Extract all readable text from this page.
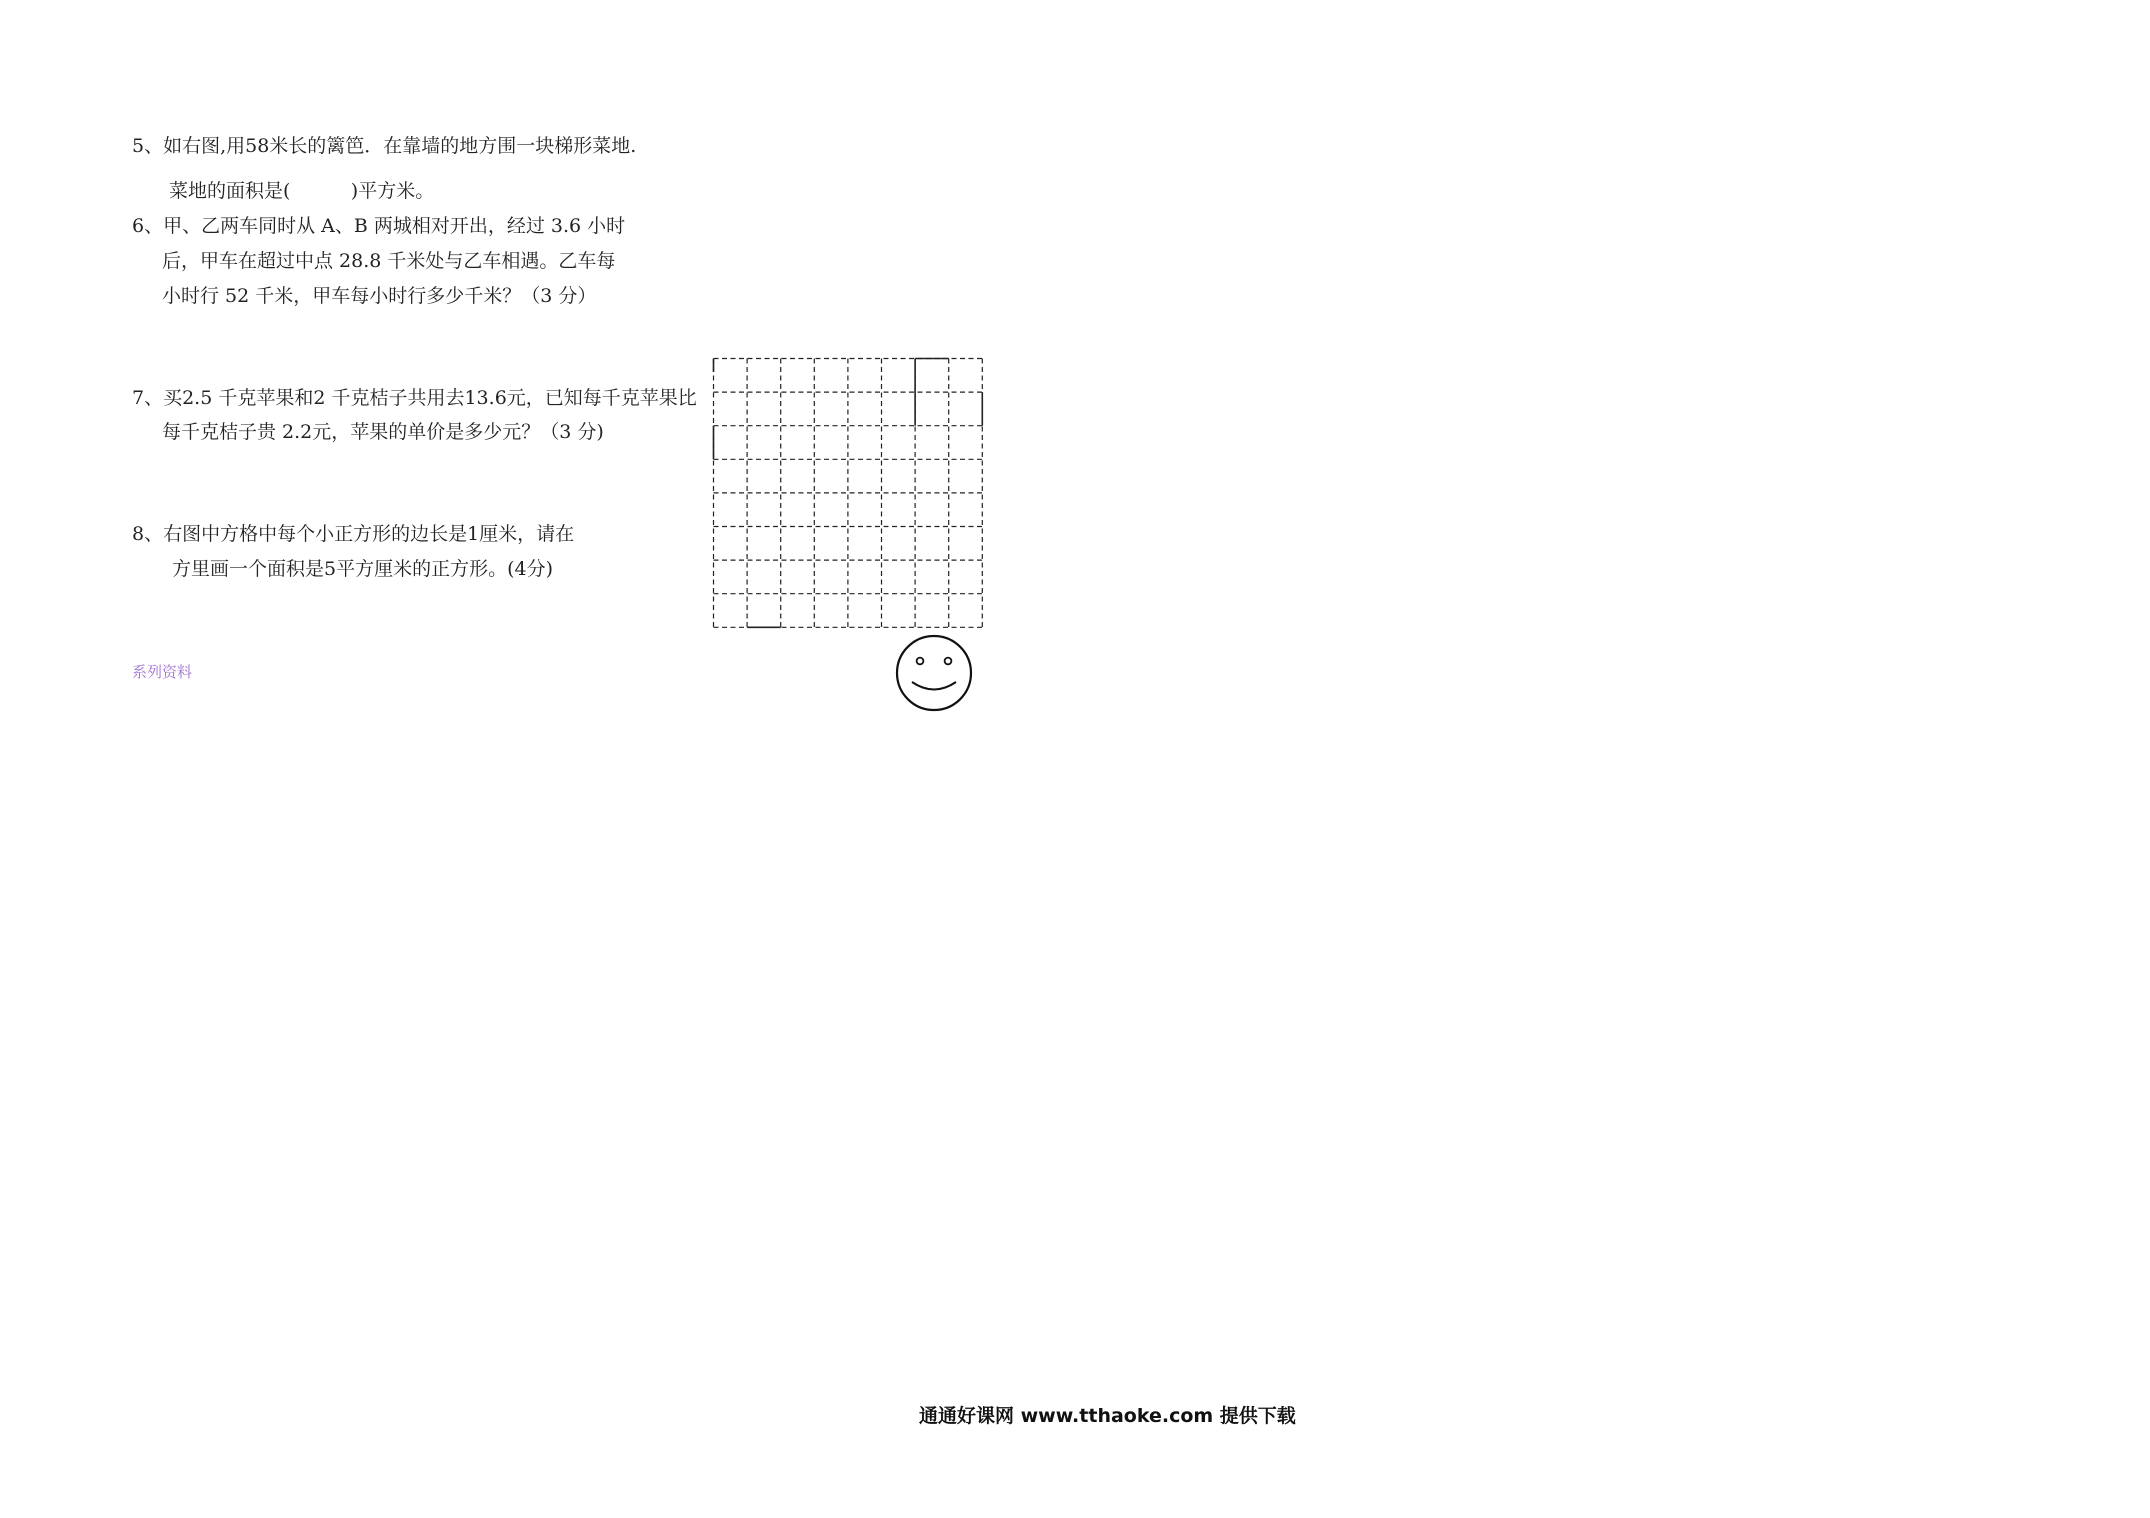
5、如右图,用58米长的篱笆．在靠墙的地方围一块梯形菜地.
菜地的面积是(          )平方米。
6、甲、乙两车同时从 A、B 两城相对开出，经过 3.6 小时
后，甲车在超过中点 28.8 千米处与乙车相遇。乙车每
小时行 52 千米，甲车每小时行多少千米？（3 分）
7、买2.5 千克苹果和2 千克桔子共用去13.6元，已知每千克苹果比
每千克桔子贵 2.2元，苹果的单价是多少元？（3 分)
8、右图中方格中每个小正方形的边长是1厘米，请在
方里画一个面积是5平方厘米的正方形。(4分)
系列资料
通通好课网 www.tthaoke.com 提供下载
